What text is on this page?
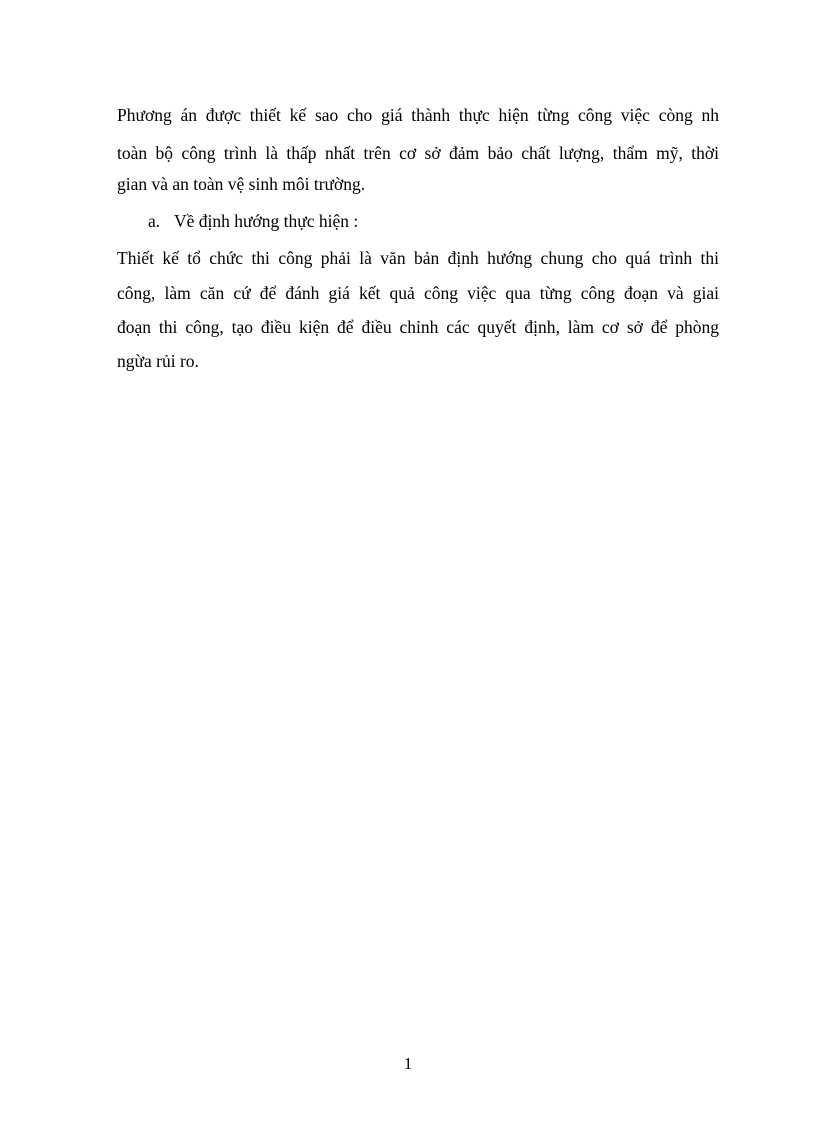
Phương án được thiết kế sao cho giá thành thực hiện từng công việc còng nh
toàn bộ công trình là thấp nhất trên cơ sở đảm bảo chất lượng, thẩm mỹ, thời
gian và an toàn vệ sinh môi trường.
a. Về định hướng thực hiện :
Thiết kế tổ chức thi công phải là văn bản định hướng chung cho quá trình thi
công, làm căn cứ để đánh giá kết quả công việc qua từng công đoạn và giai
đoạn thi công, tạo điều kiện để điều chỉnh các quyết định, làm cơ sở để phòng
ngừa rủi ro.
1
